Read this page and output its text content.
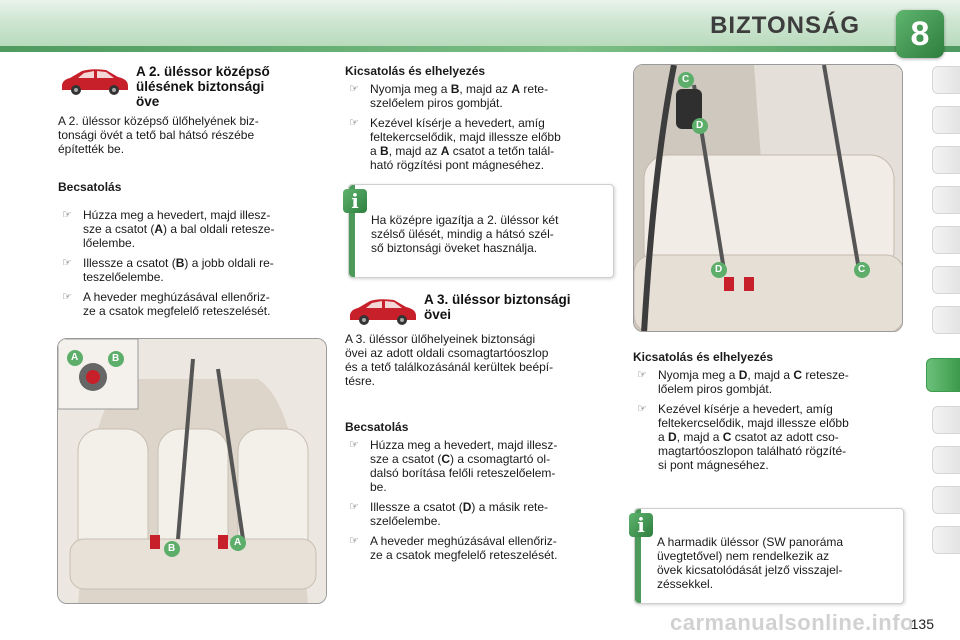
BIZTONSÁG	8
A 2. üléssor középső
ülésének biztonsági
öve
A 2. üléssor középső ülőhelyének biz-
tonsági övét a tető bal hátsó részébe
építették be.
Becsatolás
☞ Húzza meg a hevedert, majd illesz-
sze a csatot (A) a bal oldali retesze-
lőelembe.
☞ Illessze a csatot (B) a jobb oldali re-
teszelőelembe.
☞ A heveder meghúzásával ellenőriz-
ze a csatok megfelelő reteszelését.
A	B
B
A
Kicsatolás és elhelyezés
☞ Nyomja meg a B, majd az A rete-
szelőelem piros gombját.
☞ Kezével kísérje a hevedert, amíg
feltekercselődik, majd illessze előbb
a B, majd az A csatot a tetőn talál-
ható rögzítési pont mágneséhez.
i
Ha középre igazítja a 2. üléssor két
szélső ülését, mindig a hátsó szél-
ső biztonsági öveket használja.
A 3. üléssor biztonsági
övei
A 3. üléssor ülőhelyeinek biztonsági
övei az adott oldali csomagtartóoszlop
és a tető találkozásánál kerültek beépí-
tésre.
Becsatolás
☞ Húzza meg a hevedert, majd illesz-
sze a csatot (C) a csomagtartó ol-
dalsó borítása felőli reteszelőelem-
be.
☞ Illessze a csatot (D) a másik rete-
szelőelembe.
☞ A heveder meghúzásával ellenőriz-
ze a csatok megfelelő reteszelését.
C
D
D	C
Kicsatolás és elhelyezés
☞ Nyomja meg a D, majd a C retesze-
lőelem piros gombját.
☞ Kezével kísérje a hevedert, amíg
feltekercselődik, majd illessze előbb
a D, majd a C csatot az adott cso-
magtartóoszlopon található rögzíté-
si pont mágneséhez.
i
A harmadik üléssor (SW panoráma
üvegtetővel) nem rendelkezik az
övek kicsatolódását jelző visszajel-
zéssekkel.
carmanualsonline.info
135
